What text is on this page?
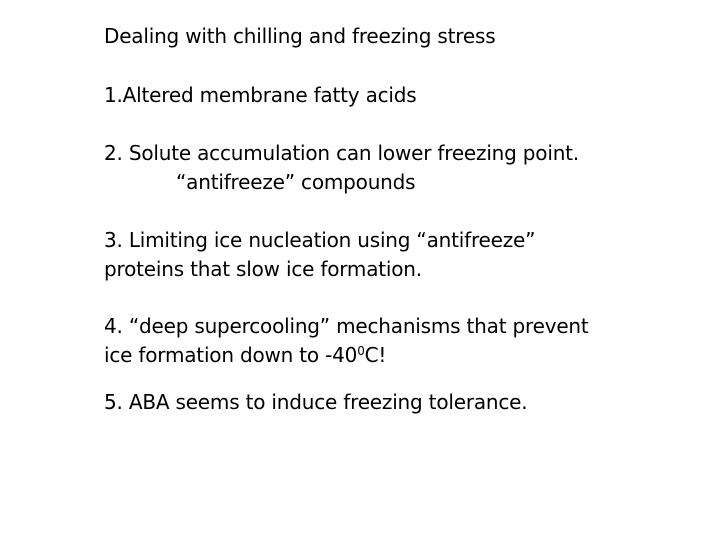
Dealing with chilling and freezing stress
1.Altered membrane fatty acids
2. Solute accumulation can lower freezing point.
“antifreeze” compounds
3. Limiting ice nucleation using “antifreeze”
proteins that slow ice formation.
4. “deep supercooling” mechanisms that prevent
ice formation down to $-40^0C$!
5. ABA seems to induce freezing tolerance.
